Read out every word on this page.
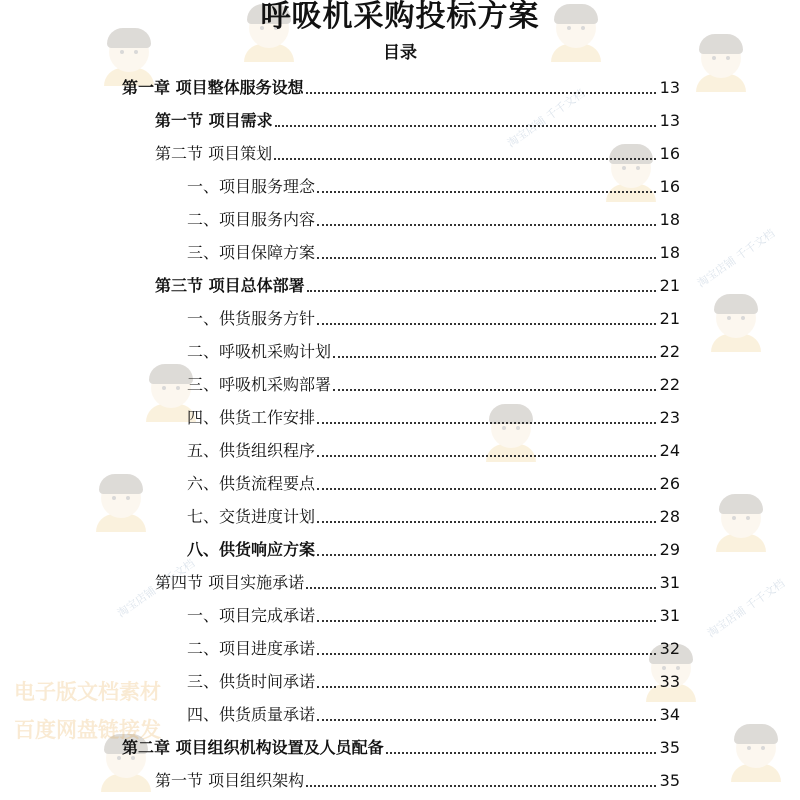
电子版文档素材
百度网盘链接发
淘宝店铺 千千文档
淘宝店铺 千千文档
淘宝店铺 千千文档	淘宝店铺 千千文档
呼吸机采购投标方案
目录
第一章 项目整体服务设想	13
第一节 项目需求	13
第二节 项目策划	16
一、项目服务理念	16
二、项目服务内容	18
三、项目保障方案	18
第三节 项目总体部署	21
一、供货服务方针	21
二、呼吸机采购计划	22
三、呼吸机采购部署	22
四、供货工作安排	23
五、供货组织程序	24
六、供货流程要点	26
七、交货进度计划	28
八、供货响应方案	29
第四节 项目实施承诺	31
一、项目完成承诺	31
二、项目进度承诺	32
三、供货时间承诺	33
四、供货质量承诺	34
第二章 项目组织机构设置及人员配备	35
第一节 项目组织架构	35
